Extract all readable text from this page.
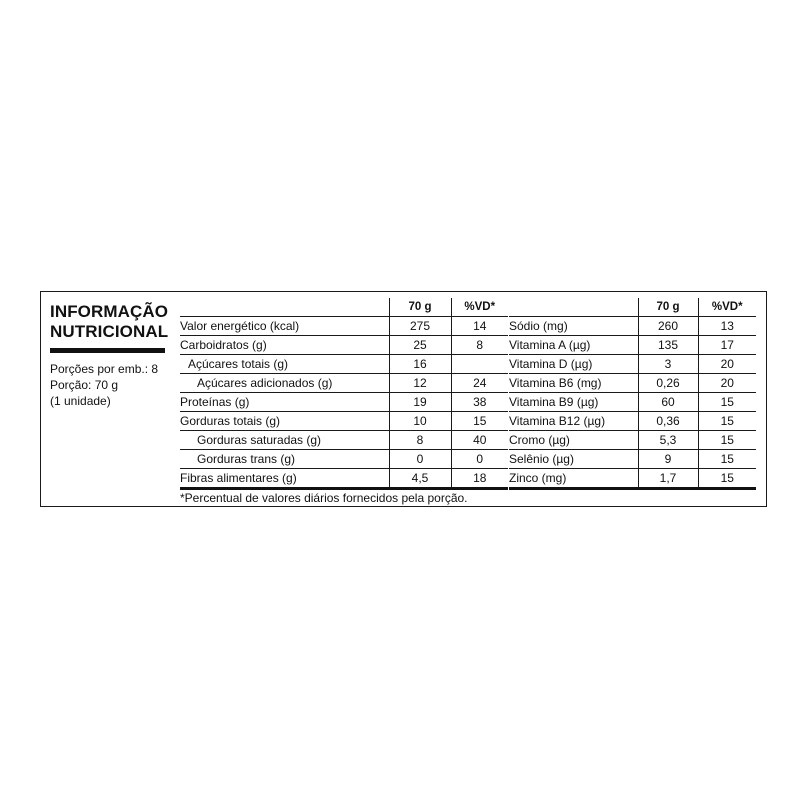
INFORMAÇÃO
NUTRICIONAL
Porções por emb.: 8
Porção: 70 g
(1 unidade)
	70 g	%VD*
Valor energético (kcal)	275	14
Carboidratos (g)	25	8
Açúcares totais (g)	16	
Açúcares adicionados (g)	12	24
Proteínas (g)	19	38
Gorduras totais (g)	10	15
Gorduras saturadas (g)	8	40
Gorduras trans (g)	0	0
Fibras alimentares (g)	4,5	18
	70 g	%VD*
Sódio (mg)	260	13
Vitamina A (µg)	135	17
Vitamina D (µg)	3	20
Vitamina B6 (mg)	0,26	20
Vitamina B9 (µg)	60	15
Vitamina B12 (µg)	0,36	15
Cromo (µg)	5,3	15
Selênio (µg)	9	15
Zinco (mg)	1,7	15
*Percentual de valores diários fornecidos pela porção.
